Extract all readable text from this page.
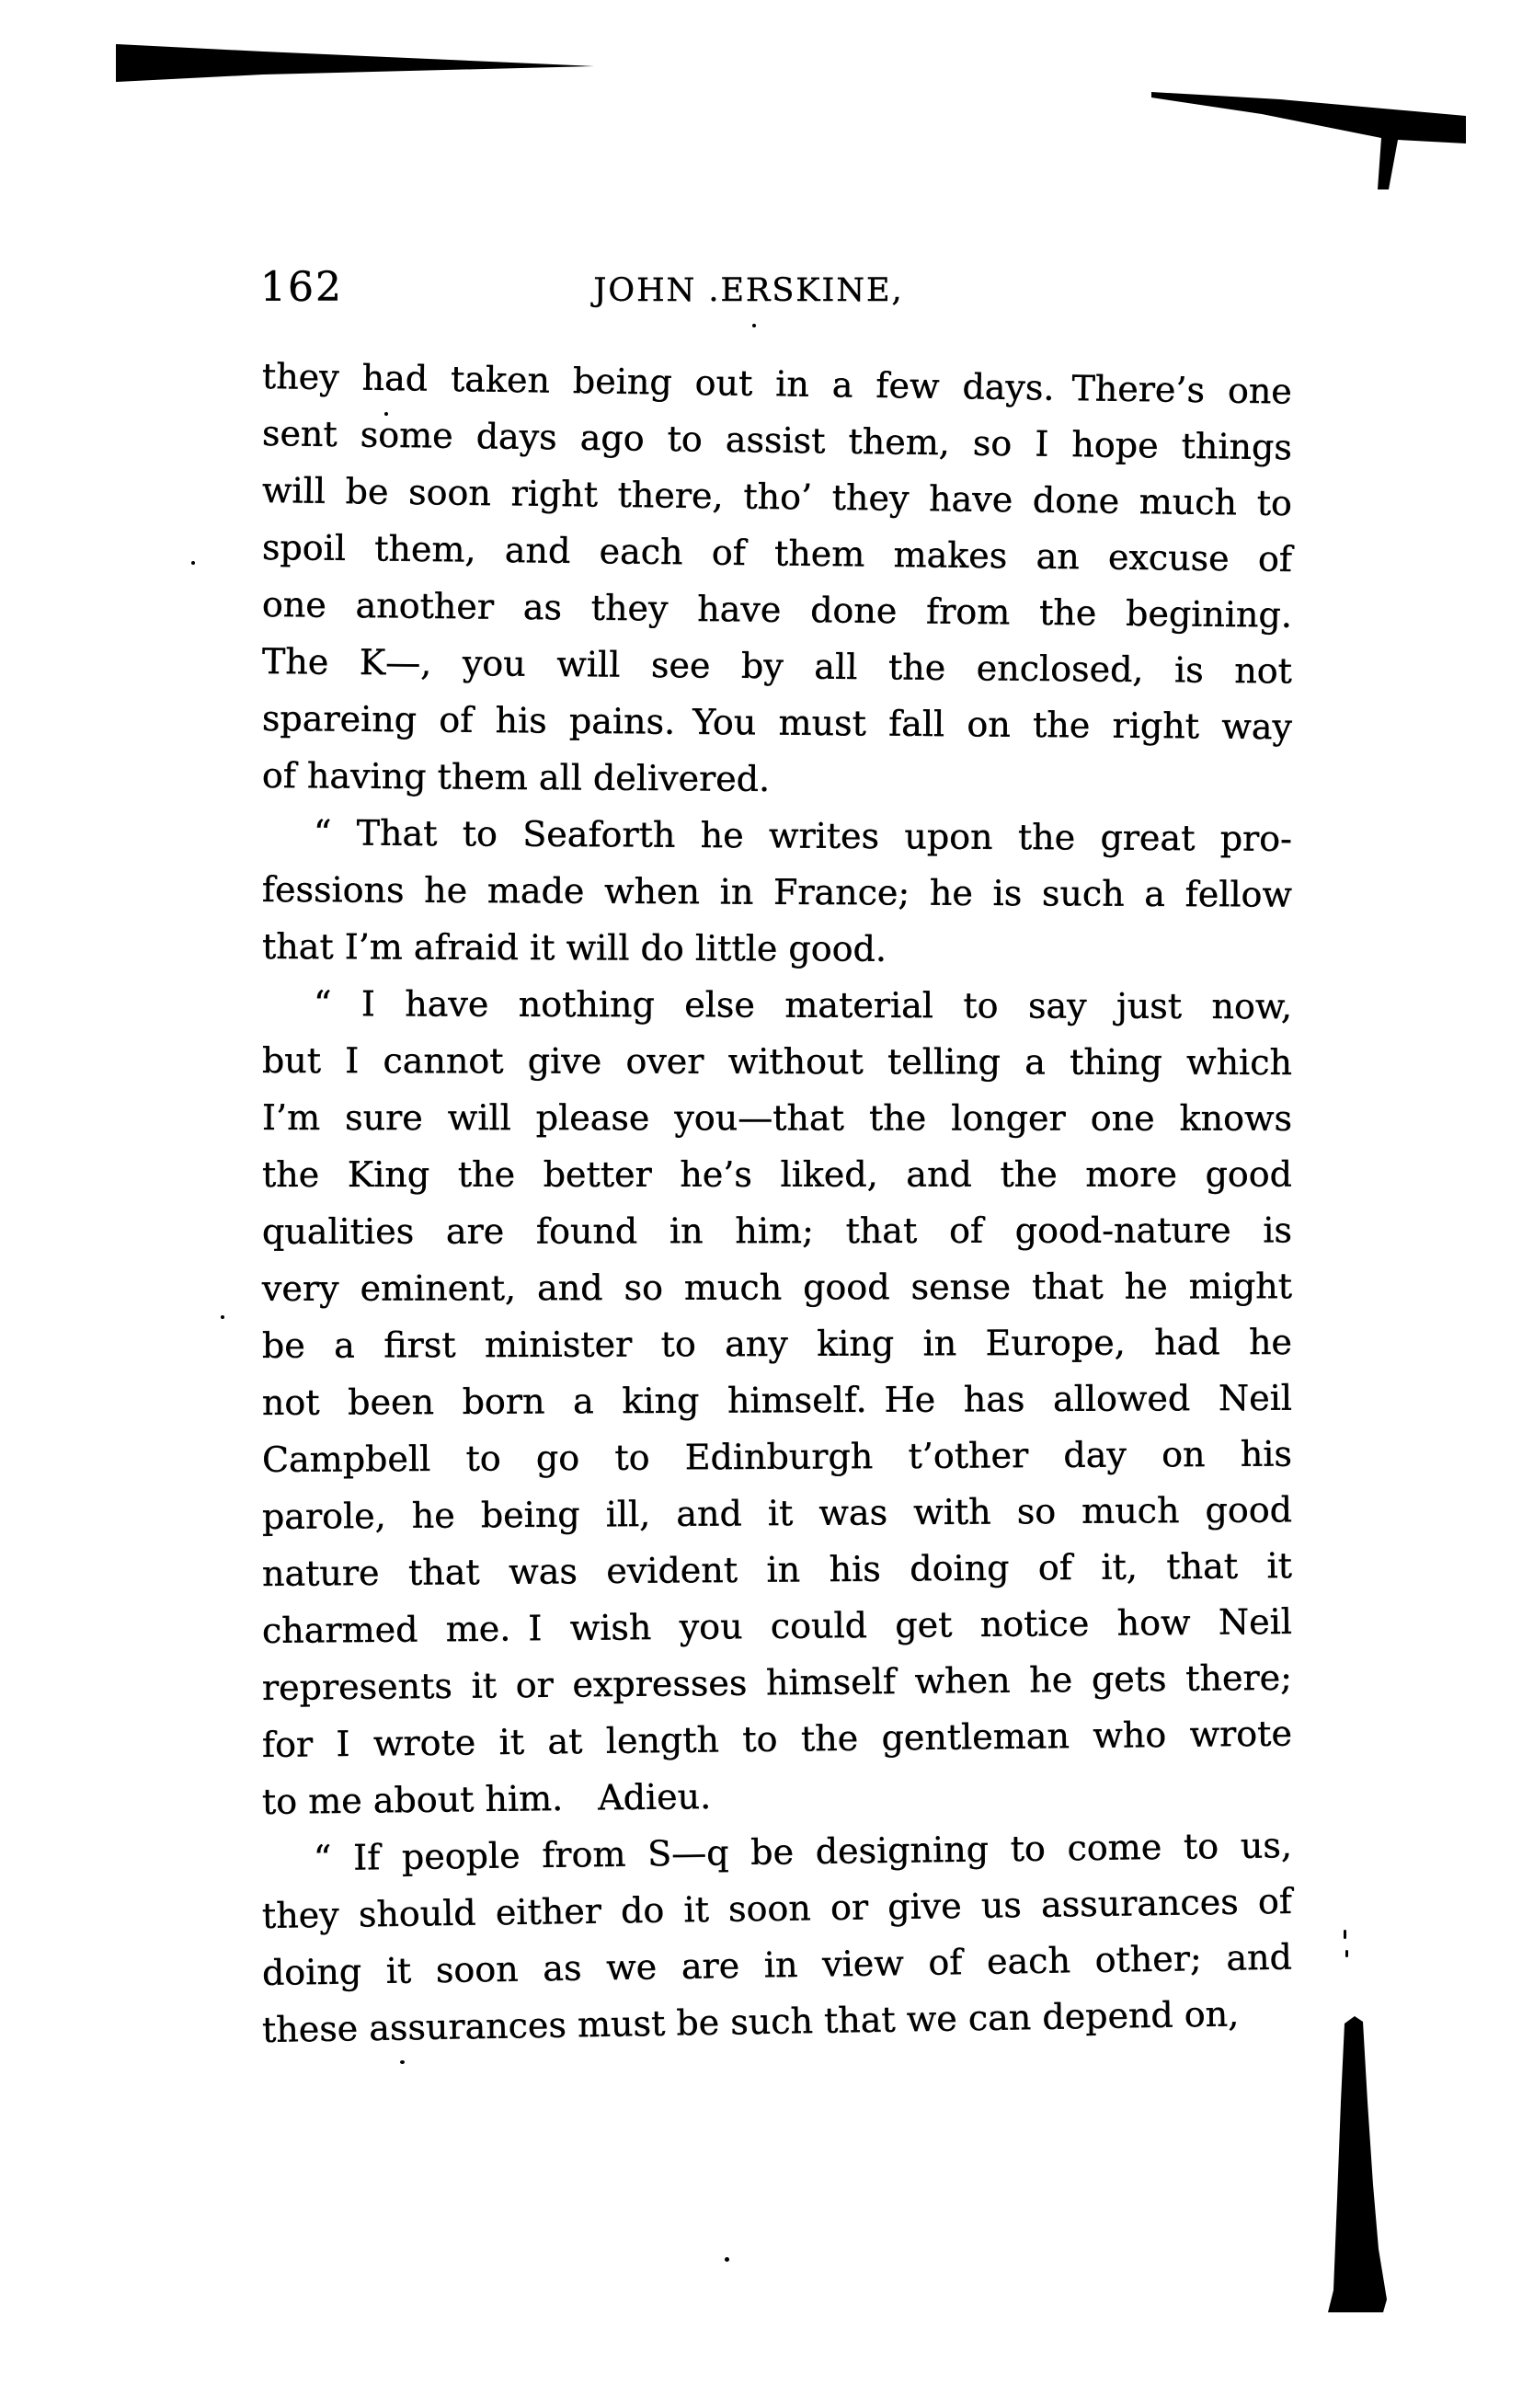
162	JOHN .ERSKINE,
they had taken being out in a few days. There’s one
sent some days ago to assist them, so I hope things
will be soon right there, tho’ they have done much to
spoil them, and each of them makes an excuse of
one another as they have done from the begining.
The K—, you will see by all the enclosed, is not
spareing of his pains. You must fall on the right way
of having them all delivered.
“ That to Seaforth he writes upon the great pro-
fessions he made when in France; he is such a fellow
that I’m afraid it will do little good.
“ I have nothing else material to say just now,
but I cannot give over without telling a thing which
I’m sure will please you—that the longer one knows
the King the better he’s liked, and the more good
qualities are found in him; that of good-nature is
very eminent, and so much good sense that he might
be a first minister to any king in Europe, had he
not been born a king himself. He has allowed Neil
Campbell to go to Edinburgh t’other day on his
parole, he being ill, and it was with so much good
nature that was evident in his doing of it, that it
charmed me. I wish you could get notice how Neil
represents it or expresses himself when he gets there;
for I wrote it at length to the gentleman who wrote
to me about him. Adieu.
“ If people from S—q be designing to come to us,
they should either do it soon or give us assurances of
doing it soon as we are in view of each other; and
these assurances must be such that we can depend on,
